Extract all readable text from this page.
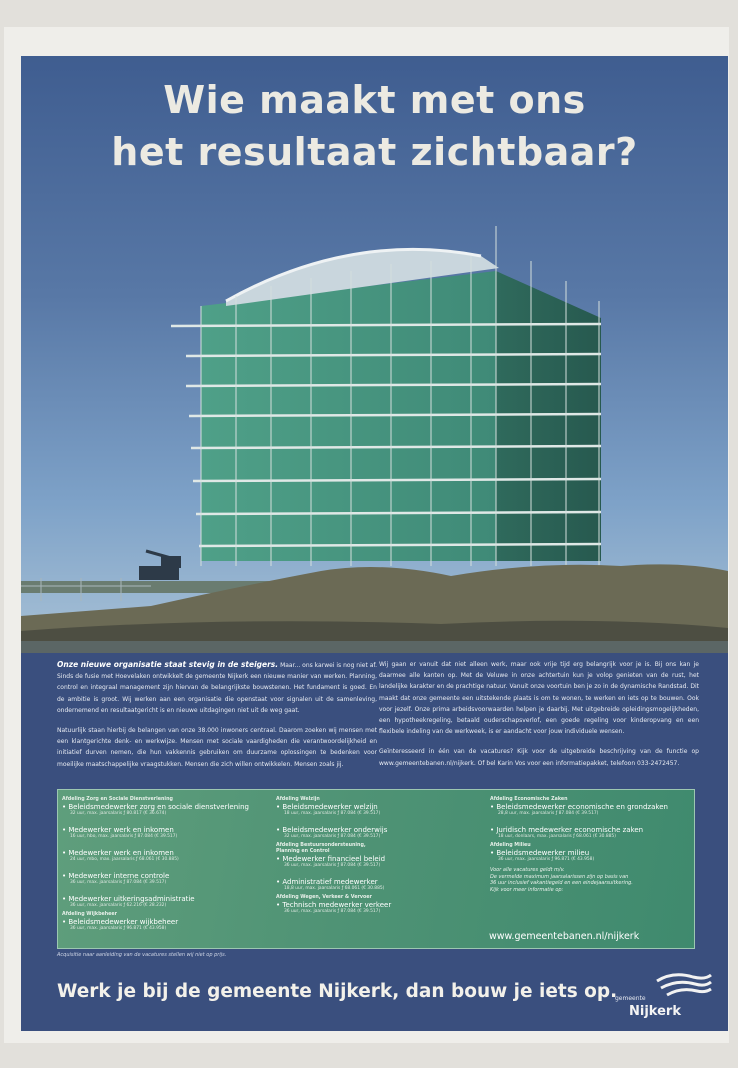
Wie maakt met ons
het resultaat zichtbaar?

Onze nieuwe organisatie staat stevig in de steigers. Maar... ons karwei is nog niet af. Sinds de fusie met Hoevelaken ontwikkelt de gemeente Nijkerk een nieuwe manier van werken. Planning, control en integraal management zijn hiervan de belangrijkste bouwstenen. Het fundament is goed. En de ambitie is groot. Wij werken aan een organisatie die openstaat voor signalen uit de samenleving, ondernemend en resultaatgericht is en nieuwe uitdagingen niet uit de weg gaat.

Natuurlijk staan hierbij de belangen van onze 38.000 inwoners centraal. Daarom zoeken wij mensen met een klantgerichte denk- en werkwijze. Mensen met sociale vaardigheden die verantwoordelijkheid en initiatief durven nemen, die hun vakkennis gebruiken om duurzame oplossingen te bedenken voor moeilijke maatschappelijke vraagstukken. Mensen die zich willen ontwikkelen. Mensen zoals jij.

Wij gaan er vanuit dat niet alleen werk, maar ook vrije tijd erg belangrijk voor je is. Bij ons kan je daarmee alle kanten op. Met de Veluwe in onze achtertuin kun je volop genieten van de rust, het landelijke karakter en de prachtige natuur. Vanuit onze voortuin ben je zo in de dynamische Randstad. Dit maakt dat onze gemeente een uitstekende plaats is om te wonen, te werken en iets op te bouwen. Ook voor jezelf. Onze prima arbeidsvoorwaarden helpen je daarbij. Met uitgebreide opleidingsmogelijkheden, een hypotheekregeling, betaald ouderschapsverlof, een goede regeling voor kinderopvang en een flexibele indeling van de werkweek, is er aandacht voor jouw individuele wensen.

Geïnteresseerd in één van de vacatures? Kijk voor de uitgebreide beschrijving van de functie op www.gemeentebanen.nl/nijkerk. Of bel Karin Vos voor een informatiepakket, telefoon 033-2472457.

Afdeling Zorg en Sociale Dienstverlening
• Beleidsmedewerker zorg en sociale dienstverlening
32 uur, max. jaarsalaris ƒ 80.817 (€ 36.674)
• Medewerker werk en inkomen
16 uur, hbo, max. jaarsalaris ƒ 87.084 (€ 39.517)
• Medewerker werk en inkomen
24 uur, mbo, max. jaarsalaris ƒ 68.061 (€ 30.885)
• Medewerker interne controle
36 uur, max. jaarsalaris ƒ 87.084 (€ 39.517)
• Medewerker uitkeringsadministratie
36 uur, max. jaarsalaris ƒ 62.216 (€ 28.232)
Afdeling Wijkbeheer
• Beleidsmedewerker wijkbeheer
36 uur, max. jaarsalaris ƒ 96.871 (€ 43.958)
Afdeling Welzijn
• Beleidsmedewerker welzijn
18 uur, max. jaarsalaris ƒ 87.084 (€ 39.517)
• Beleidsmedewerker onderwijs
32 uur, max. jaarsalaris ƒ 87.084 (€ 39.517)
Afdeling Bestuursondersteuning,
Planning en Control
• Medewerker financieel beleid
36 uur, max. jaarsalaris ƒ 87.084 (€ 39.517)
• Administratief medewerker
18,8 uur, max. jaarsalaris ƒ 68.061 (€ 30.885)
Afdeling Wegen, Verkeer & Vervoer
• Technisch medewerker verkeer
36 uur, max. jaarsalaris ƒ 87.084 (€ 39.517)
Afdeling Economische Zaken
• Beleidsmedewerker economische en grondzaken
28,8 uur, max. jaarsalaris ƒ 87.084 (€ 39.517)
• Juridisch medewerker economische zaken
18 uur, donlaars, max. jaarsalaris ƒ 68.061 (€ 30.885)
Afdeling Milieu
• Beleidsmedewerker milieu
36 uur, max. jaarsalaris ƒ 96.871 (€ 43.958)
Voor alle vacatures geldt m/v.
De vermelde maximum jaarsalarissen zijn op basis van
36 uur inclusief vakantiegeld en een eindejaarsuitkering.
Kijk voor meer informatie op:
www.gemeentebanen.nl/nijkerk
Acquisitie naar aanleiding van de vacatures stellen wij niet op prijs.
Werk je bij de gemeente Nijkerk, dan bouw je iets op.
gemeente
Nijkerk
